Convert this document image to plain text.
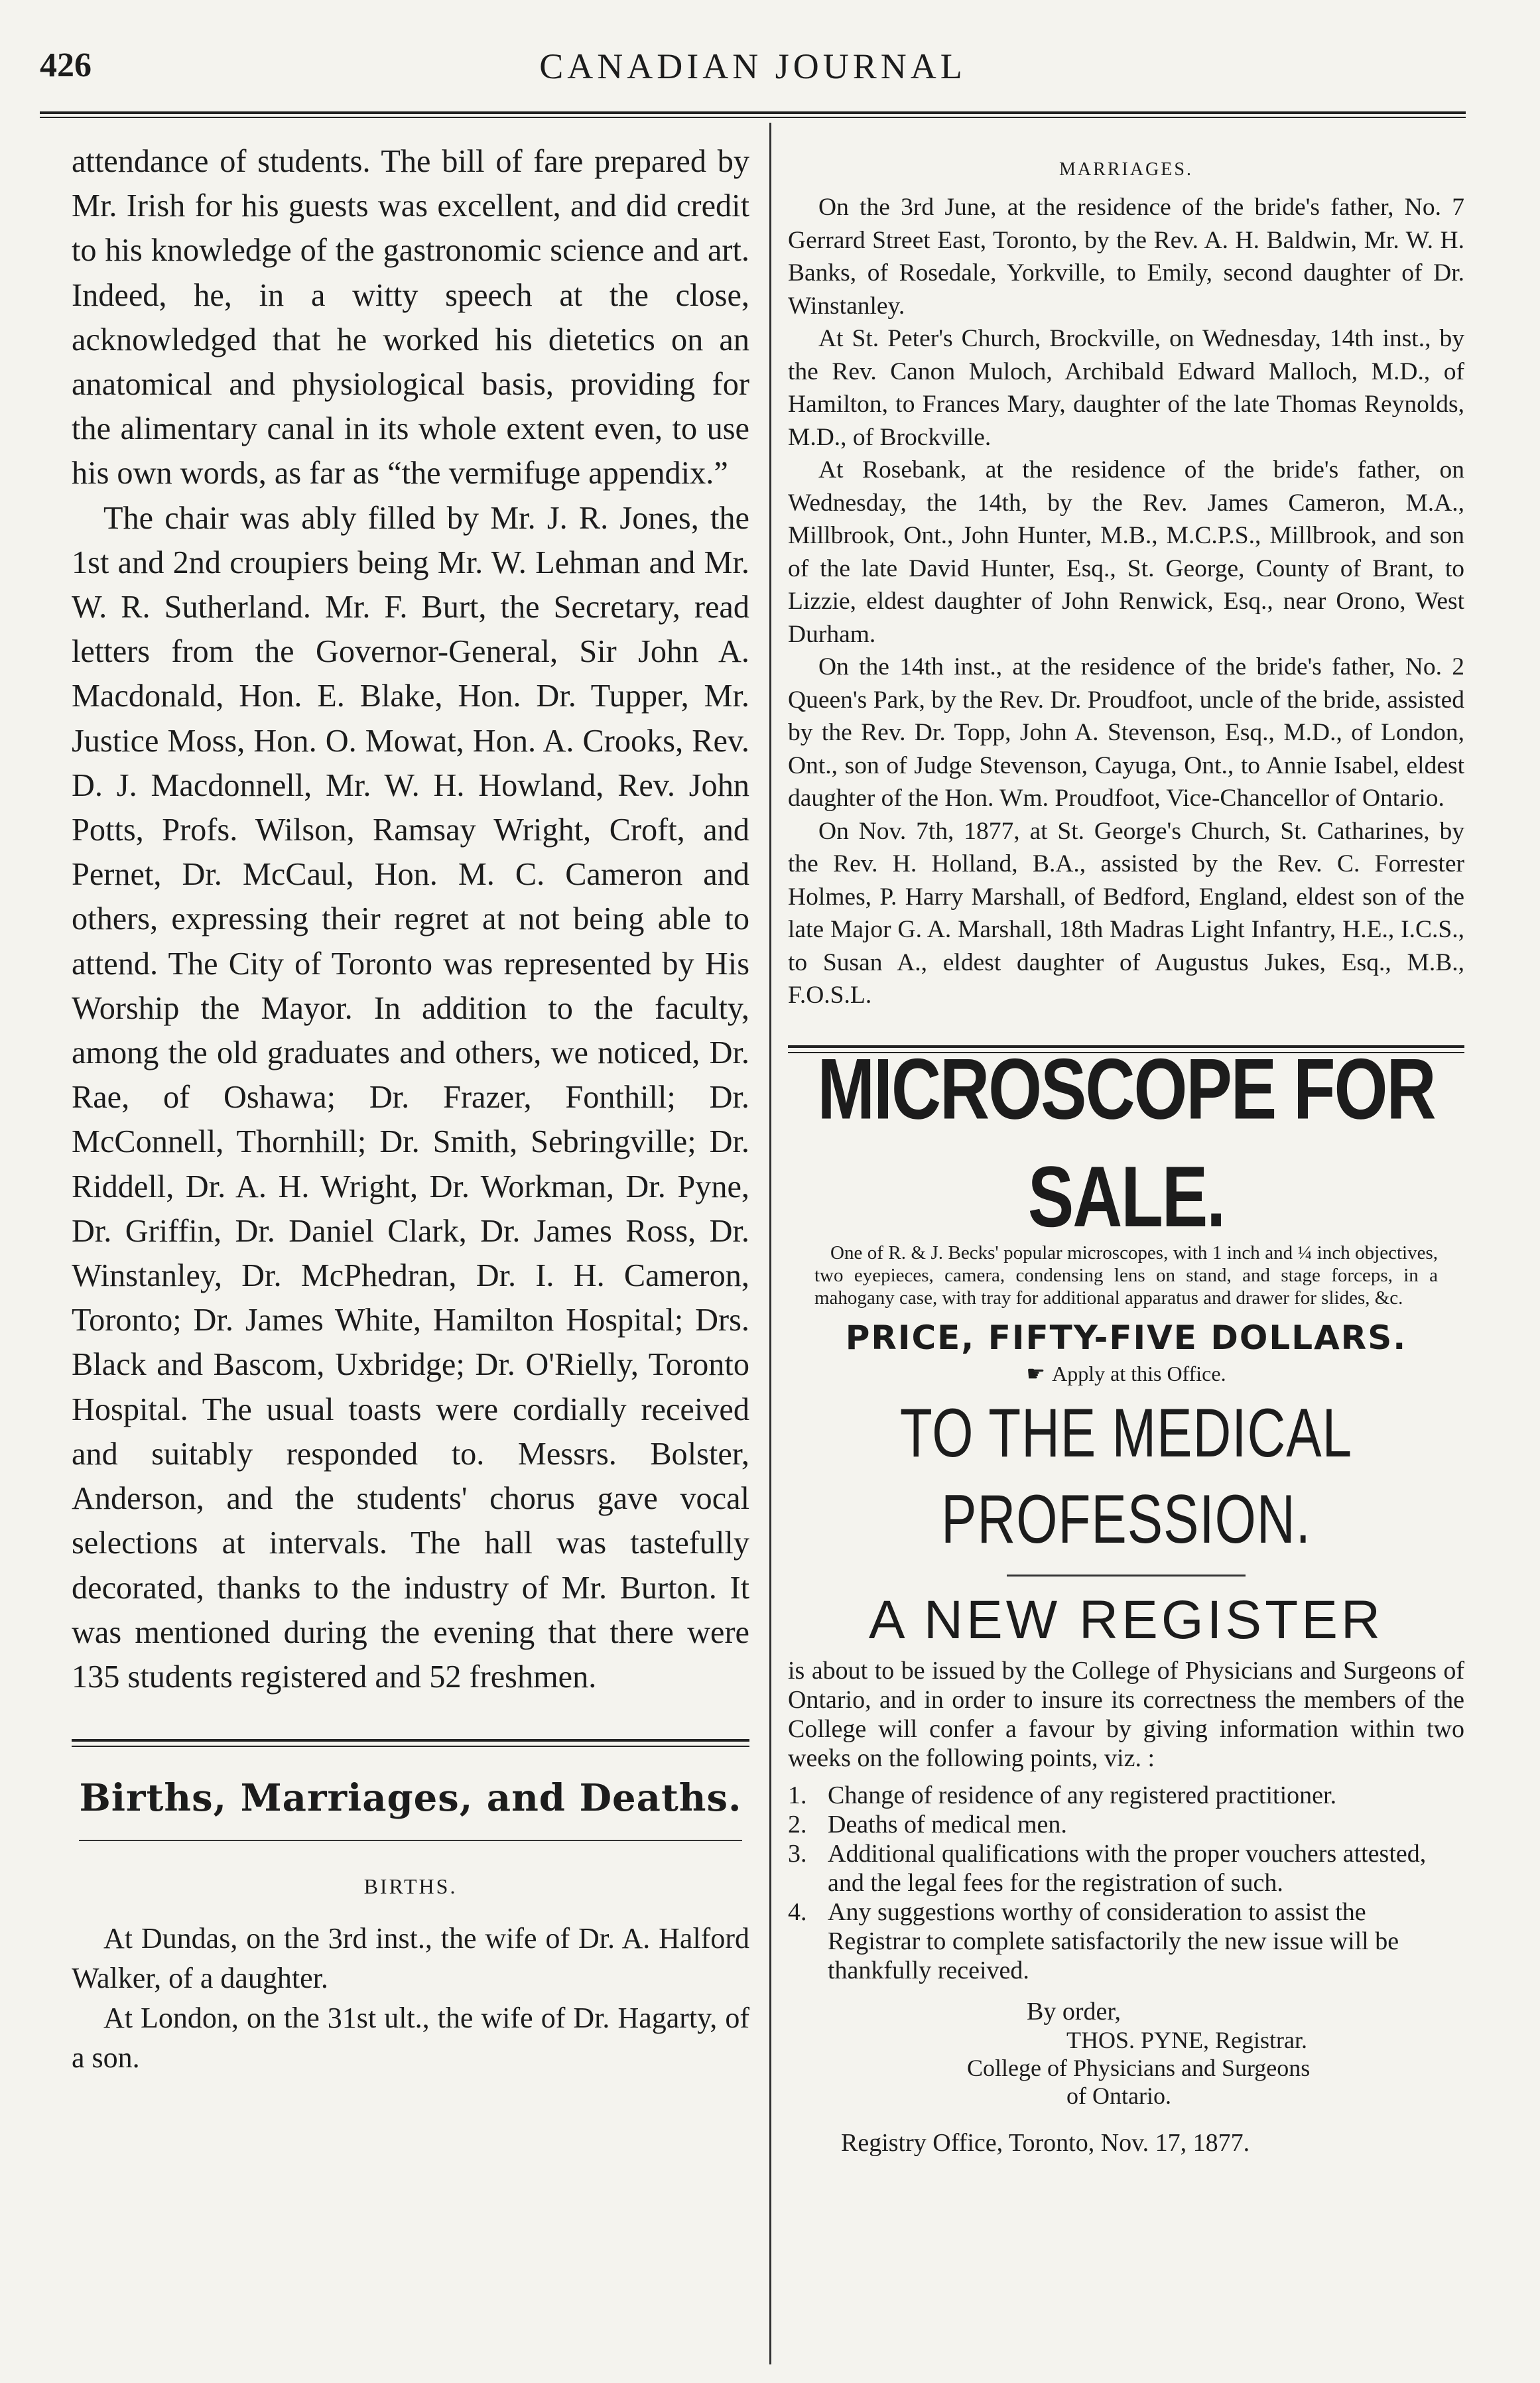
426	CANADIAN JOURNAL

attendance of students. The bill of fare prepared by Mr. Irish for his guests was excellent, and did credit to his knowledge of the gastronomic science and art. Indeed, he, in a witty speech at the close, acknowledged that he worked his dietetics on an anatomical and physiological basis, providing for the alimentary canal in its whole extent even, to use his own words, as far as “the vermifuge appendix.”

The chair was ably filled by Mr. J. R. Jones, the 1st and 2nd croupiers being Mr. W. Lehman and Mr. W. R. Sutherland. Mr. F. Burt, the Secretary, read letters from the Governor-General, Sir John A. Macdonald, Hon. E. Blake, Hon. Dr. Tupper, Mr. Justice Moss, Hon. O. Mowat, Hon. A. Crooks, Rev. D. J. Macdonnell, Mr. W. H. Howland, Rev. John Potts, Profs. Wilson, Ramsay Wright, Croft, and Pernet, Dr. McCaul, Hon. M. C. Cameron and others, expressing their regret at not being able to attend. The City of Toronto was represented by His Worship the Mayor. In addition to the faculty, among the old graduates and others, we noticed, Dr. Rae, of Oshawa; Dr. Frazer, Fonthill; Dr. McConnell, Thornhill; Dr. Smith, Sebringville; Dr. Riddell, Dr. A. H. Wright, Dr. Workman, Dr. Pyne, Dr. Griffin, Dr. Daniel Clark, Dr. James Ross, Dr. Winstanley, Dr. McPhedran, Dr. I. H. Cameron, Toronto; Dr. James White, Hamilton Hospital; Drs. Black and Bascom, Uxbridge; Dr. O'Rielly, Toronto Hospital. The usual toasts were cordially received and suitably responded to. Messrs. Bolster, Anderson, and the students' chorus gave vocal selections at intervals. The hall was tastefully decorated, thanks to the industry of Mr. Burton. It was mentioned during the evening that there were 135 students registered and 52 freshmen.

Births, Marriages, and Deaths.
BIRTHS.

At Dundas, on the 3rd inst., the wife of Dr. A. Halford Walker, of a daughter.

At London, on the 31st ult., the wife of Dr. Hagarty, of a son.

MARRIAGES.

On the 3rd June, at the residence of the bride's father, No. 7 Gerrard Street East, Toronto, by the Rev. A. H. Baldwin, Mr. W. H. Banks, of Rosedale, Yorkville, to Emily, second daughter of Dr. Winstanley.

At St. Peter's Church, Brockville, on Wednesday, 14th inst., by the Rev. Canon Muloch, Archibald Edward Malloch, M.D., of Hamilton, to Frances Mary, daughter of the late Thomas Reynolds, M.D., of Brockville.

At Rosebank, at the residence of the bride's father, on Wednesday, the 14th, by the Rev. James Cameron, M.A., Millbrook, Ont., John Hunter, M.B., M.C.P.S., Millbrook, and son of the late David Hunter, Esq., St. George, County of Brant, to Lizzie, eldest daughter of John Renwick, Esq., near Orono, West Durham.

On the 14th inst., at the residence of the bride's father, No. 2 Queen's Park, by the Rev. Dr. Proudfoot, uncle of the bride, assisted by the Rev. Dr. Topp, John A. Stevenson, Esq., M.D., of London, Ont., son of Judge Stevenson, Cayuga, Ont., to Annie Isabel, eldest daughter of the Hon. Wm. Proudfoot, Vice-Chancellor of Ontario.

On Nov. 7th, 1877, at St. George's Church, St. Catharines, by the Rev. H. Holland, B.A., assisted by the Rev. C. Forrester Holmes, P. Harry Marshall, of Bedford, England, eldest son of the late Major G. A. Marshall, 18th Madras Light Infantry, H.E., I.C.S., to Susan A., eldest daughter of Augustus Jukes, Esq., M.B., F.O.S.L.

MICROSCOPE FOR SALE.

One of R. & J. Becks' popular microscopes, with 1 inch and ¼ inch objectives, two eyepieces, camera, condensing lens on stand, and stage forceps, in a mahogany case, with tray for additional apparatus and drawer for slides, &c.

PRICE, FIFTY-FIVE DOLLARS.
☛ Apply at this Office.
TO THE MEDICAL PROFESSION.
A NEW REGISTER

is about to be issued by the College of Physicians and Surgeons of Ontario, and in order to insure its correctness the members of the College will confer a favour by giving information within two weeks on the following points, viz. :

1. Change of residence of any registered practitioner.
2. Deaths of medical men.
3. Additional qualifications with the proper vouchers attested, and the legal fees for the registration of such.
4. Any suggestions worthy of consideration to assist the Registrar to complete satisfactorily the new issue will be thankfully received.
By order,
THOS. PYNE, Registrar.
College of Physicians and Surgeons
of Ontario.
Registry Office, Toronto, Nov. 17, 1877.
